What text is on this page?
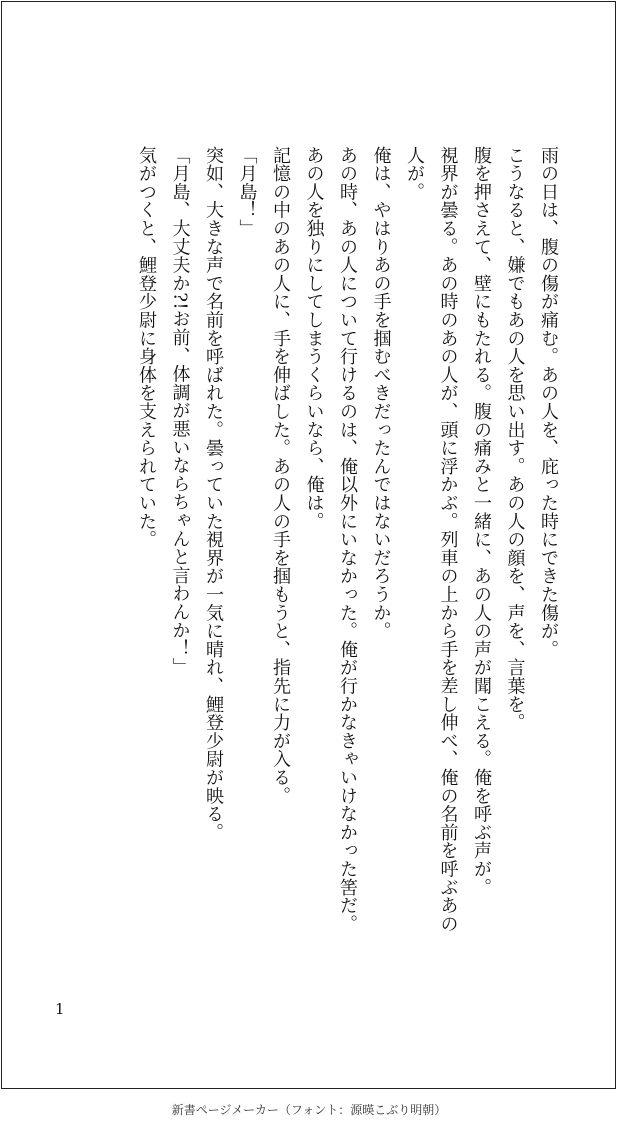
雨の日は、腹の傷が痛む。あの人を、庇った時にできた傷が。

こうなると、嫌でもあの人を思い出す。あの人の顔を、声を、言葉を。

腹を押さえて、壁にもたれる。腹の痛みと一緒に、あの人の声が聞こえる。俺を呼ぶ声が。

視界が曇る。あの時のあの人が、頭に浮かぶ。列車の上から手を差し伸べ、俺の名前を呼ぶあの人が。

俺は、やはりあの手を掴むべきだったんではないだろうか。

あの時、あの人について行けるのは、俺以外にいなかった。俺が行かなきゃいけなかった筈だ。

あの人を独りにしてしまうくらいなら、俺は。

記憶の中のあの人に、手を伸ばした。あの人の手を掴もうと、指先に力が入る。

「月島！」

突如、大きな声で名前を呼ばれた。曇っていた視界が一気に晴れ、鯉登少尉が映る。

「月島、大丈夫か?!お前、体調が悪いならちゃんと言わんか！」

気がつくと、鯉登少尉に身体を支えられていた。

1
新書ページメーカー（フォント：源暎こぶり明朝）
